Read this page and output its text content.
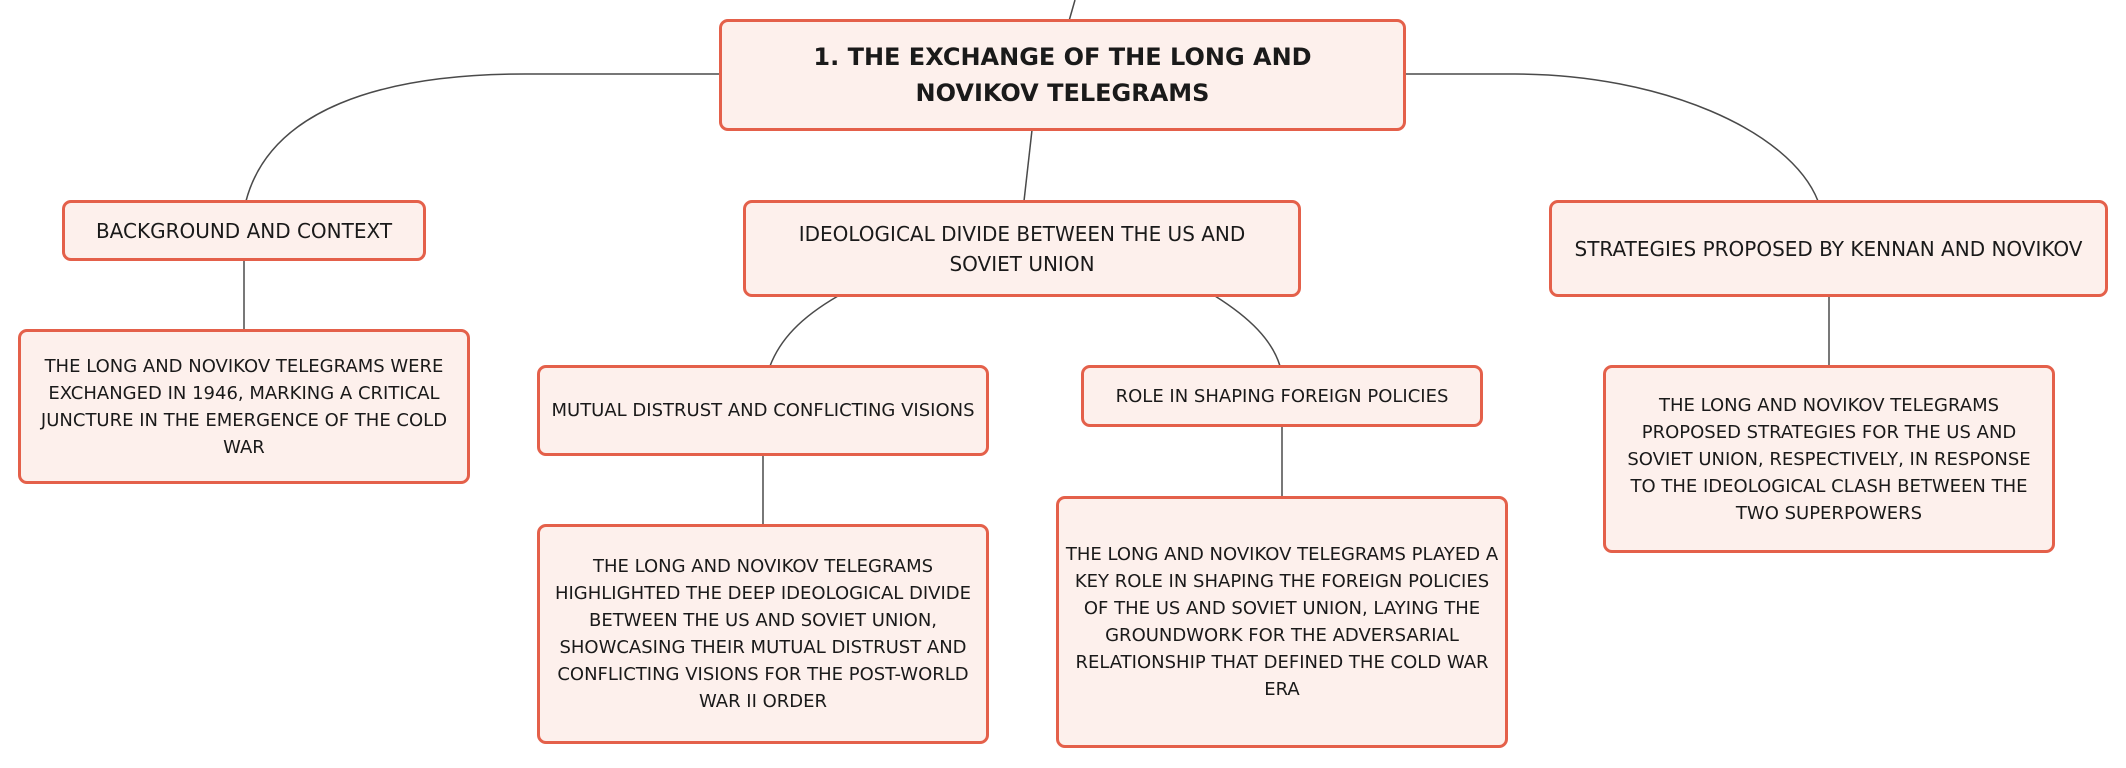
1. THE EXCHANGE OF THE LONG AND NOVIKOV TELEGRAMS
BACKGROUND AND CONTEXT
THE LONG AND NOVIKOV TELEGRAMS WERE EXCHANGED IN 1946, MARKING A CRITICAL JUNCTURE IN THE EMERGENCE OF THE COLD WAR
IDEOLOGICAL DIVIDE BETWEEN THE US AND SOVIET UNION
MUTUAL DISTRUST AND CONFLICTING VISIONS
THE LONG AND NOVIKOV TELEGRAMS HIGHLIGHTED THE DEEP IDEOLOGICAL DIVIDE BETWEEN THE US AND SOVIET UNION, SHOWCASING THEIR MUTUAL DISTRUST AND CONFLICTING VISIONS FOR THE POST-WORLD WAR II ORDER
ROLE IN SHAPING FOREIGN POLICIES
THE LONG AND NOVIKOV TELEGRAMS PLAYED A KEY ROLE IN SHAPING THE FOREIGN POLICIES OF THE US AND SOVIET UNION, LAYING THE GROUNDWORK FOR THE ADVERSARIAL RELATIONSHIP THAT DEFINED THE COLD WAR ERA
STRATEGIES PROPOSED BY KENNAN AND NOVIKOV
THE LONG AND NOVIKOV TELEGRAMS PROPOSED STRATEGIES FOR THE US AND SOVIET UNION, RESPECTIVELY, IN RESPONSE TO THE IDEOLOGICAL CLASH BETWEEN THE TWO SUPERPOWERS
